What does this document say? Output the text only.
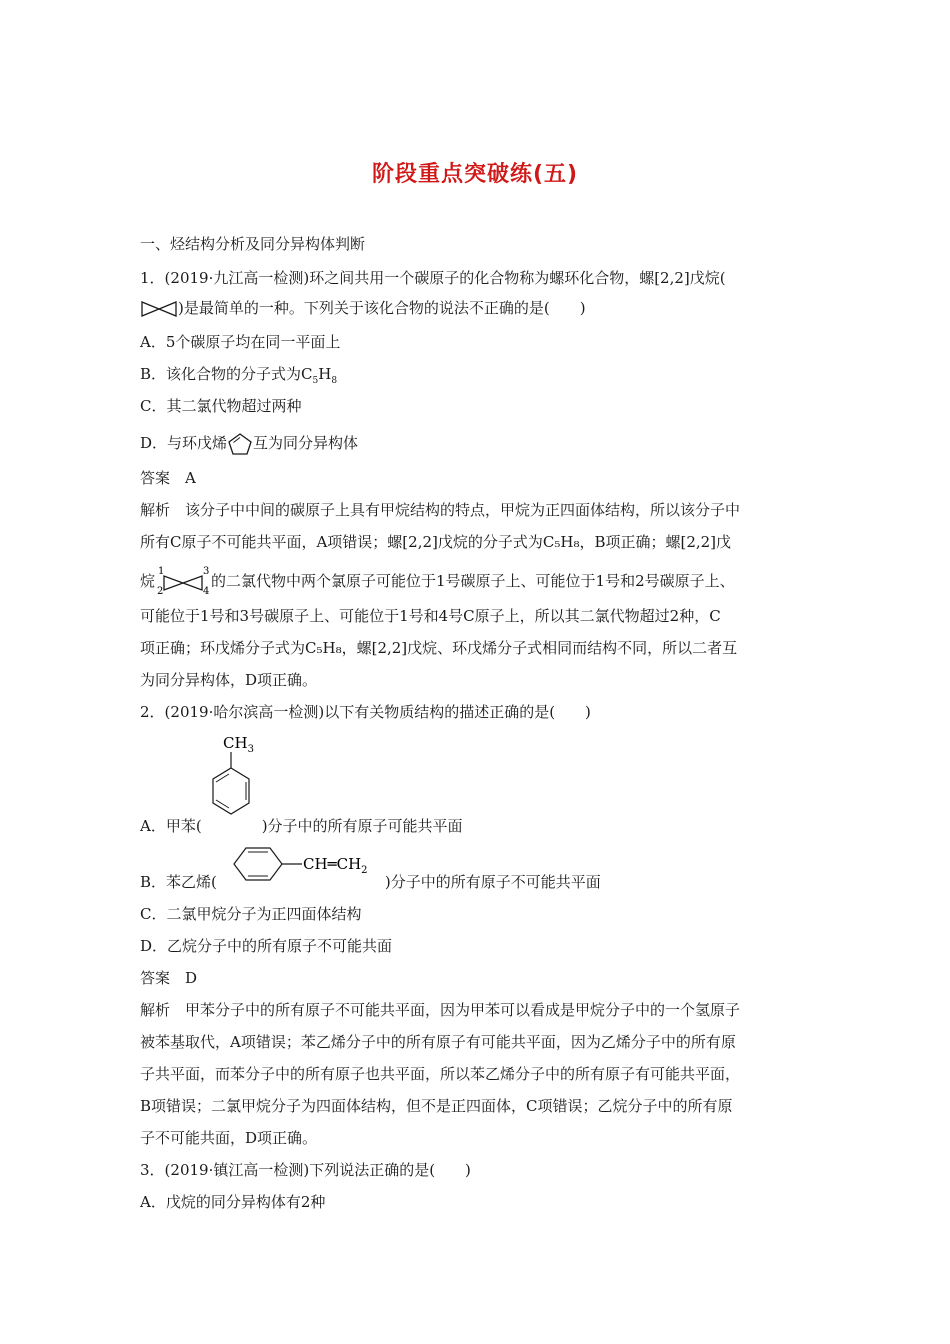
阶段重点突破练(五)
一、烃结构分析及同分异构体判断
1．(2019·九江高一检测)环之间共用一个碳原子的化合物称为螺环化合物，螺[2,2]戊烷(
)是最简单的一种。下列关于该化合物的说法不正确的是(　　)
A．5个碳原子均在同一平面上
B．该化合物的分子式为$C_5H_8$
C．其二氯代物超过两种
D．与环戊烯 互为同分异构体
答案　A
解析　该分子中中间的碳原子上具有甲烷结构的特点，甲烷为正四面体结构，所以该分子中
所有C原子不可能共平面，A项错误；螺[2,2]戊烷的分子式为C₅H₈，B项正确；螺[2,2]戊
烷
1
2
3
4
的二氯代物中两个氯原子可能位于1号碳原子上、可能位于1号和2号碳原子上、
可能位于1号和3号碳原子上、可能位于1号和4号C原子上，所以其二氯代物超过2种，C
项正确；环戊烯分子式为C₅H₈，螺[2,2]戊烷、环戊烯分子式相同而结构不同，所以二者互
为同分异构体，D项正确。
2．(2019·哈尔滨高一检测)以下有关物质结构的描述正确的是(　　)
$CH_3$
A．甲苯(	)分子中的所有原子可能共平面
B．苯乙烯(	)分子中的所有原子不可能共平面
$CH═CH_2$
C．二氯甲烷分子为正四面体结构
D．乙烷分子中的所有原子不可能共面
答案　D
解析　甲苯分子中的所有原子不可能共平面，因为甲苯可以看成是甲烷分子中的一个氢原子
被苯基取代，A项错误；苯乙烯分子中的所有原子有可能共平面，因为乙烯分子中的所有原
子共平面，而苯分子中的所有原子也共平面，所以苯乙烯分子中的所有原子有可能共平面，
B项错误；二氯甲烷分子为四面体结构，但不是正四面体，C项错误；乙烷分子中的所有原
子不可能共面，D项正确。
3．(2019·镇江高一检测)下列说法正确的是(　　)
A．戊烷的同分异构体有2种
